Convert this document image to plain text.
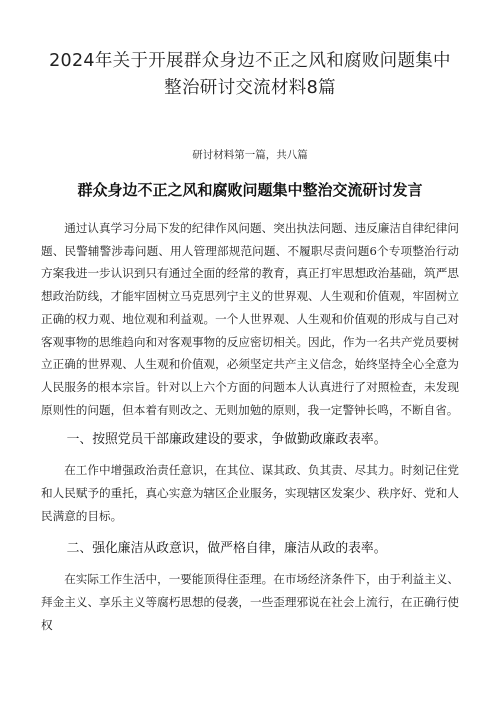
2024年关于开展群众身边不正之风和腐败问题集中整治研讨交流材料8篇
研讨材料第一篇，共八篇
群众身边不正之风和腐败问题集中整治交流研讨发言

通过认真学习分局下发的纪律作风问题、突出执法问题、违反廉洁自律纪律问题、民警辅警涉毒问题、用人管理部规范问题、不履职尽责问题6个专项整治行动方案我进一步认识到只有通过全面的经常的教育，真正打牢思想政治基础，筑严思想政治防线，才能牢固树立马克思列宁主义的世界观、人生观和价值观，牢固树立正确的权力观、地位观和利益观。一个人世界观、人生观和价值观的形成与自己对客观事物的思维趋向和对客观事物的反应密切相关。因此，作为一名共产党员要树立正确的世界观、人生观和价值观，必须坚定共产主义信念，始终坚持全心全意为人民服务的根本宗旨。针对以上六个方面的问题本人认真进行了对照检查，未发现原则性的问题，但本着有则改之、无则加勉的原则，我一定警钟长鸣，不断自省。

一、按照党员干部廉政建设的要求，争做勤政廉政表率。

在工作中增强政治责任意识，在其位、谋其政、负其责、尽其力。时刻记住党和人民赋予的重托，真心实意为辖区企业服务，实现辖区发案少、秩序好、党和人民满意的目标。

二、强化廉洁从政意识，做严格自律，廉洁从政的表率。

在实际工作生活中，一要能顶得住歪理。在市场经济条件下，由于利益主义、拜金主义、享乐主义等腐朽思想的侵袭，一些歪理邪说在社会上流行，在正确行使权
